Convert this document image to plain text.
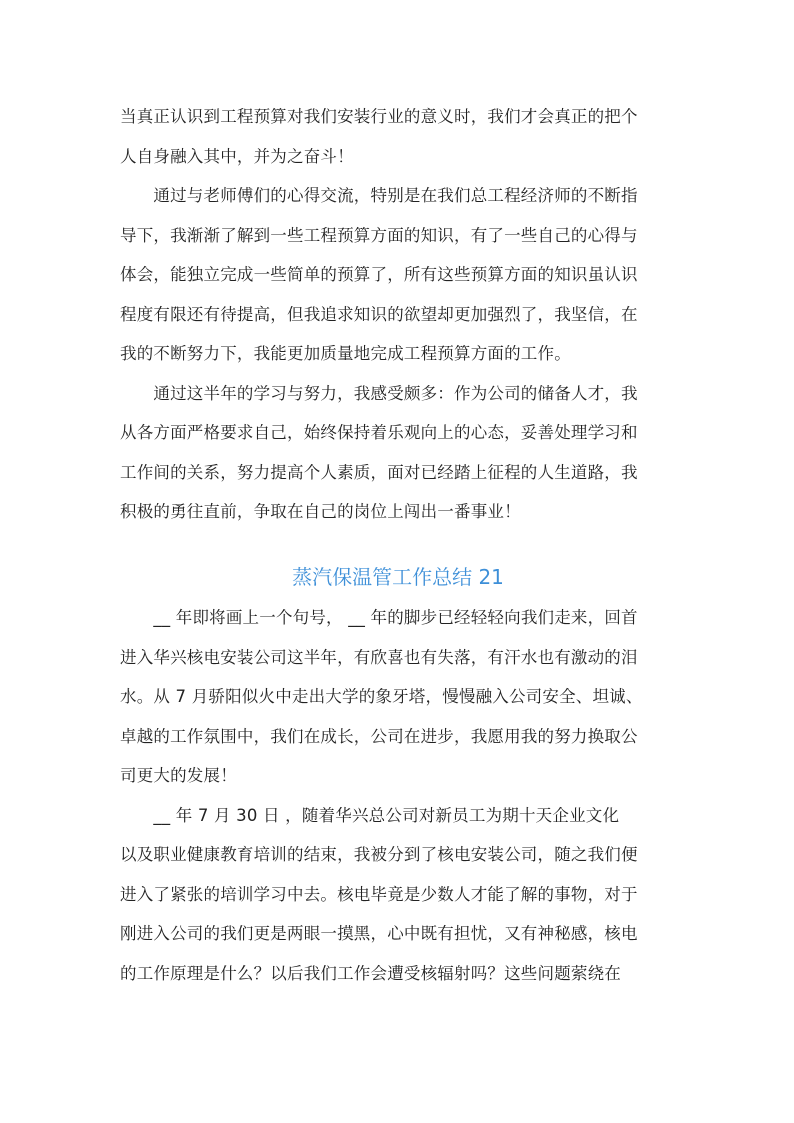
当真正认识到工程预算对我们安装行业的意义时，我们才会真正的把个

人自身融入其中，并为之奋斗！

　　通过与老师傅们的心得交流，特别是在我们总工程经济师的不断指

导下，我渐渐了解到一些工程预算方面的知识，有了一些自己的心得与

体会，能独立完成一些简单的预算了，所有这些预算方面的知识虽认识

程度有限还有待提高，但我追求知识的欲望却更加强烈了，我坚信，在

我的不断努力下，我能更加质量地完成工程预算方面的工作。

　　通过这半年的学习与努力，我感受颇多：作为公司的储备人才，我

从各方面严格要求自己，始终保持着乐观向上的心态，妥善处理学习和

工作间的关系，努力提高个人素质，面对已经踏上征程的人生道路，我

积极的勇往直前，争取在自己的岗位上闯出一番事业！

蒸汽保温管工作总结 21

　　__ 年即将画上一个句号， __ 年的脚步已经轻轻向我们走来，回首

进入华兴核电安装公司这半年，有欣喜也有失落，有汗水也有激动的泪

水。从 7 月骄阳似火中走出大学的象牙塔，慢慢融入公司安全、坦诚、

卓越的工作氛围中，我们在成长，公司在进步，我愿用我的努力换取公

司更大的发展！

　　__ 年 7 月 30 日 ，随着华兴总公司对新员工为期十天企业文化

以及职业健康教育培训的结束，我被分到了核电安装公司，随之我们便

进入了紧张的培训学习中去。核电毕竟是少数人才能了解的事物，对于

刚进入公司的我们更是两眼一摸黑，心中既有担忧，又有神秘感，核电

的工作原理是什么？以后我们工作会遭受核辐射吗？这些问题萦绕在
